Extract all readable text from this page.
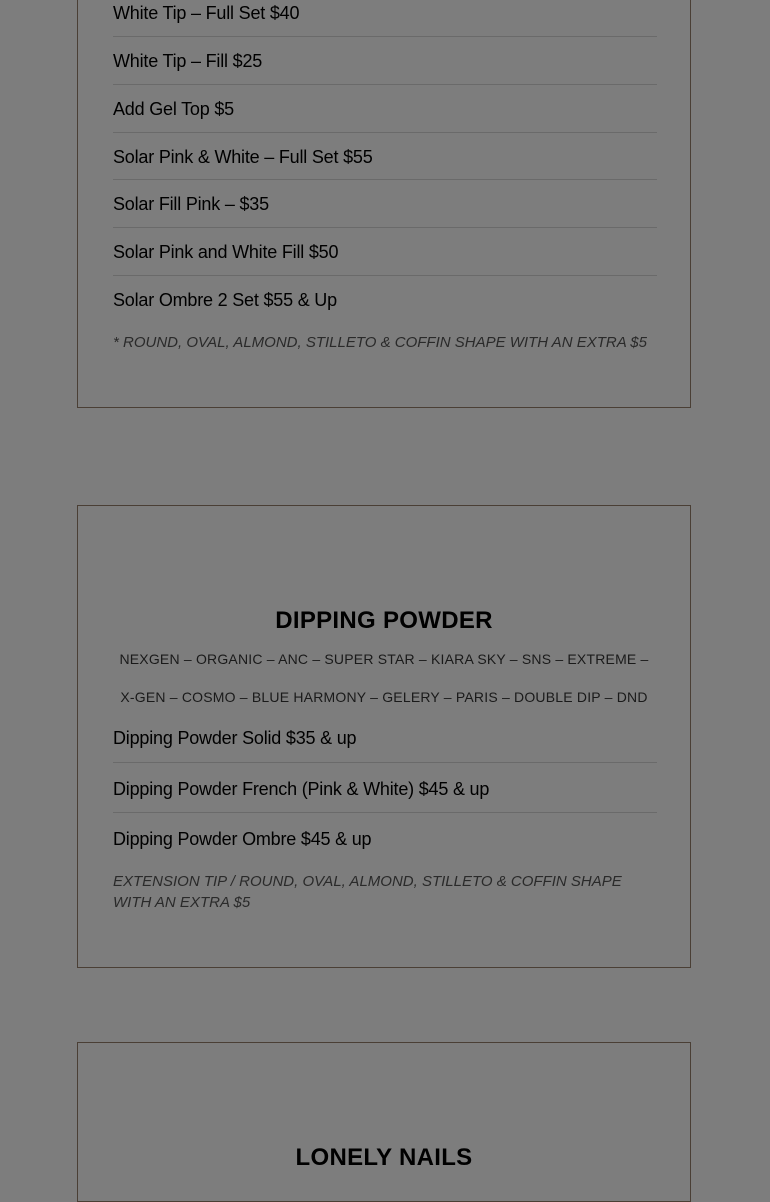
White Tip – Full Set $40
White Tip – Fill $25
Add Gel Top $5
Solar Pink & White – Full Set $55
Solar Fill Pink – $35
Solar Pink and White Fill $50
Solar Ombre 2 Set $55 & Up
* ROUND, OVAL, ALMOND, STILLETO & COFFIN SHAPE WITH AN EXTRA $5
DIPPING POWDER
NEXGEN – ORGANIC – ANC – SUPER STAR – KIARA SKY – SNS – EXTREME –
X-GEN – COSMO – BLUE HARMONY – GELERY – PARIS – DOUBLE DIP – DND
Dipping Powder Solid $35 & up
Dipping Powder French (Pink & White) $45 & up
Dipping Powder Ombre $45 & up
EXTENSION TIP / ROUND, OVAL, ALMOND, STILLETO & COFFIN SHAPE WITH AN EXTRA $5
LONELY NAILS
